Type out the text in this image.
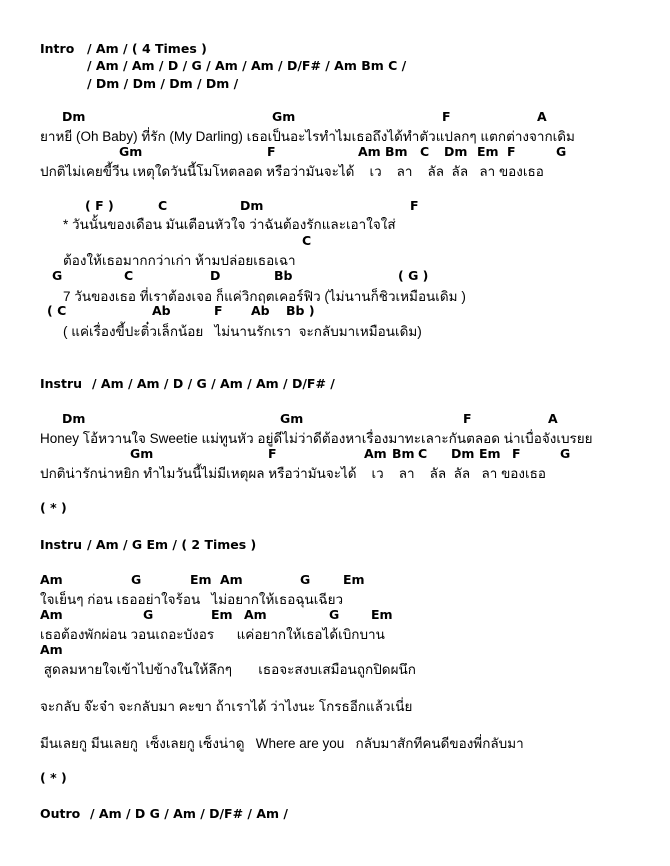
Intro / Am / ( 4 Times )
/ Am / Am / D / G / Am / Am / D/F# / Am Bm C /
/ Dm / Dm / Dm / Dm /
Dm	Gm	F	A
ยาหยี (Oh Baby) ที่รัก (My Darling) เธอเป็นอะไรทำไมเธอถึงได้ทำตัวแปลกๆ แตกต่างจากเดิม
Gm	F	Am Bm C Dm Em F	G
ปกติไม่เคยขี้วีน เหตุใดวันนี้โมโหตลอด หรือว่ามันจะได้    เว    ลา    ลัล  ลัล   ลา ของเธอ
( F )	C	Dm	F
* วันนั้นของเดือน มันเตือนหัวใจ ว่าฉันต้องรักและเอาใจใส่
C
ต้องให้เธอมากกว่าเก่า ห้ามปล่อยเธอเฉา
G	C	D	Bb	( G )
7 วันของเธอ ที่เราต้องเจอ ก็แค่วิกฤตเคอร์ฟิว (ไม่นานก็ชิวเหมือนเดิม )
( C	Ab	F Ab Bb )
( แค่เรื่องขี้ปะติ๋วเล็กน้อย   ไม่นานรักเรา  จะกลับมาเหมือนเดิม)
Instru / Am / Am / D / G / Am / Am / D/F# /
Dm	Gm	F	A
Honey โอ้หวานใจ Sweetie แม่ทูนหัว อยู่ดีไม่ว่าดีต้องหาเรื่องมาทะเลาะกันตลอด น่าเบื่อจังเบรยย
Gm	F	Am Bm C Dm Em F	G
ปกติน่ารักน่าหยิก ทำไมวันนี้ไม่มีเหตุผล หรือว่ามันจะได้    เว    ลา    ลัล  ลัล   ลา ของเธอ
( * )
Instru / Am / G Em / ( 2 Times )
Am	G	Em Am	G	Em
ใจเย็นๆ ก่อน เธออย่าใจร้อน   ไม่อยากให้เธอฉุนเฉียว
Am	G	Em Am	G	Em
เธอต้องพักผ่อน วอนเถอะบังอร      แค่อยากให้เธอได้เบิกบาน
Am
สูดลมหายใจเข้าไปข้างในให้ลึกๆ       เธอจะสงบเสมือนถูกปิดผนึก
จะกลับ จ๊ะจ๋า จะกลับมา คะขา ถ้าเราได้ ว่าไงนะ โกรธอีกแล้วเนี่ย
มีนเลยกู มีนเลยกู  เซ็งเลยกู เซ็งน่าดู   Where are you   กลับมาสักทีคนดีของพี่กลับมา
( * )
Outro / Am / D G / Am / D/F# / Am /
